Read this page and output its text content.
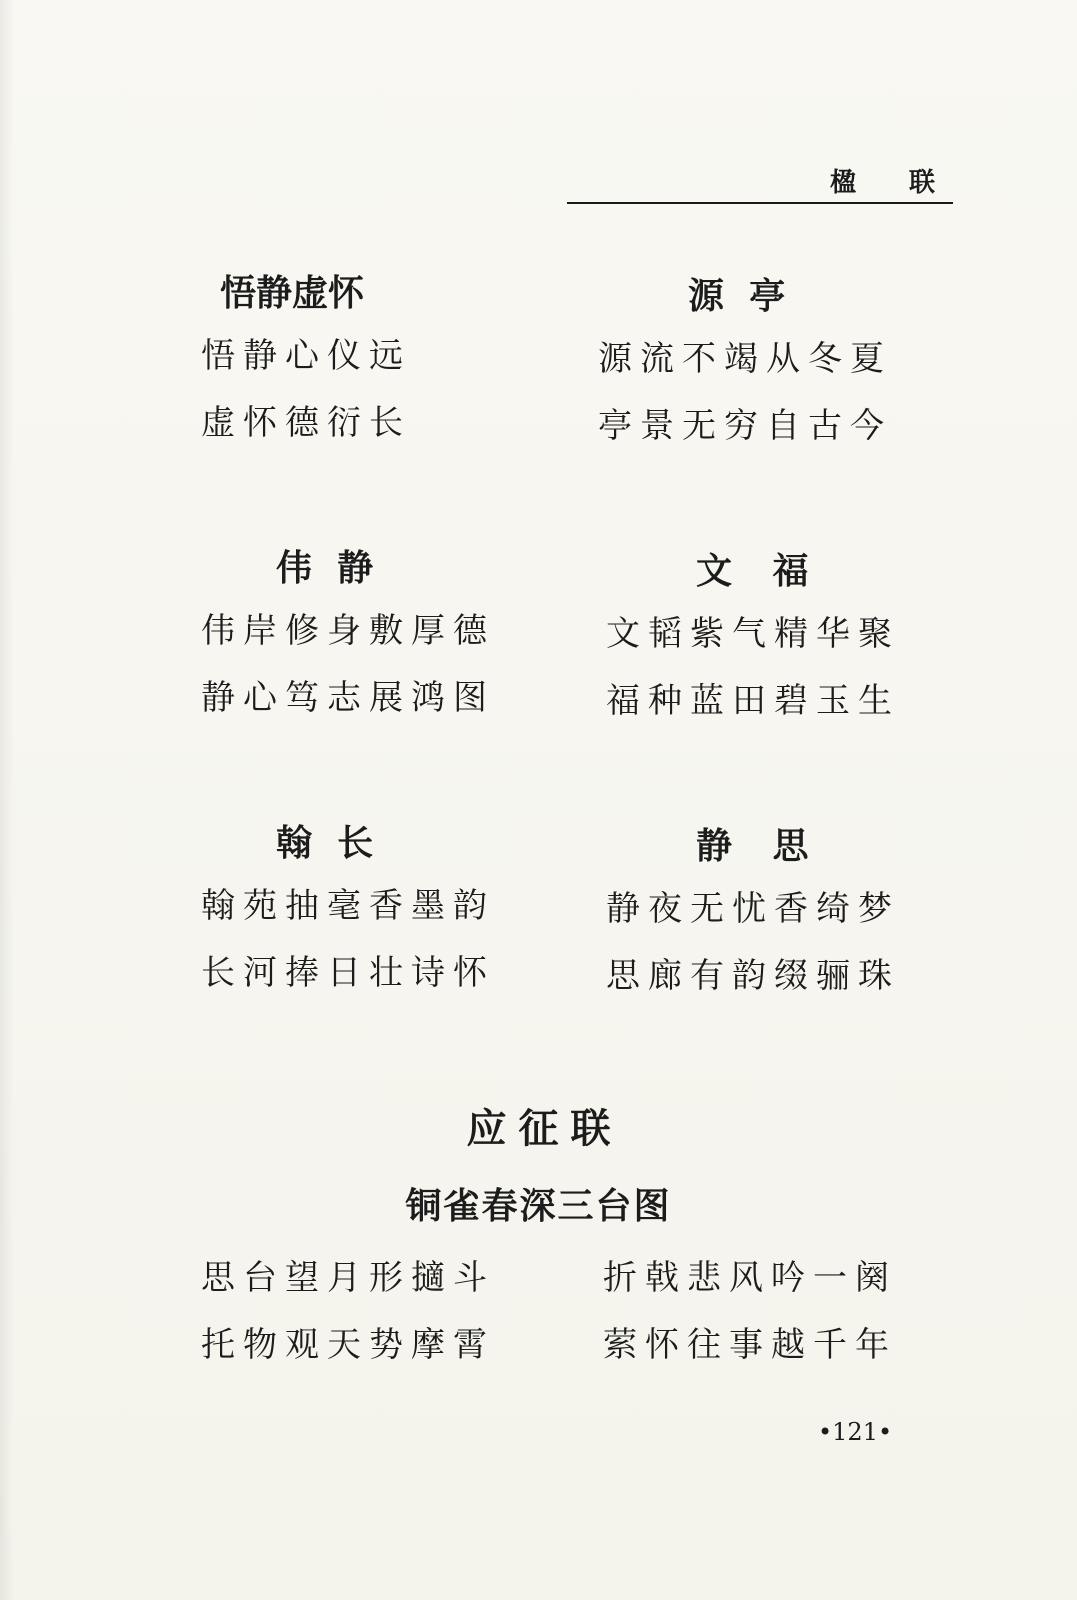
楹 联
悟静虚怀
悟静心仪远
虚怀德衍长
源  亭
源流不竭从冬夏
亭景无穷自古今
伟  静
伟岸修身敷厚德
静心笃志展鸿图
文 福
文韬紫气精华聚
福种蓝田碧玉生
翰  长
翰苑抽毫香墨韵
长河捧日壮诗怀
静 思
静夜无忧香绮梦
思廊有韵缀骊珠
应征联
铜雀春深三台图
思台望月形擿斗	折戟悲风吟一阕
托物观天势摩霄	萦怀往事越千年
•121•
